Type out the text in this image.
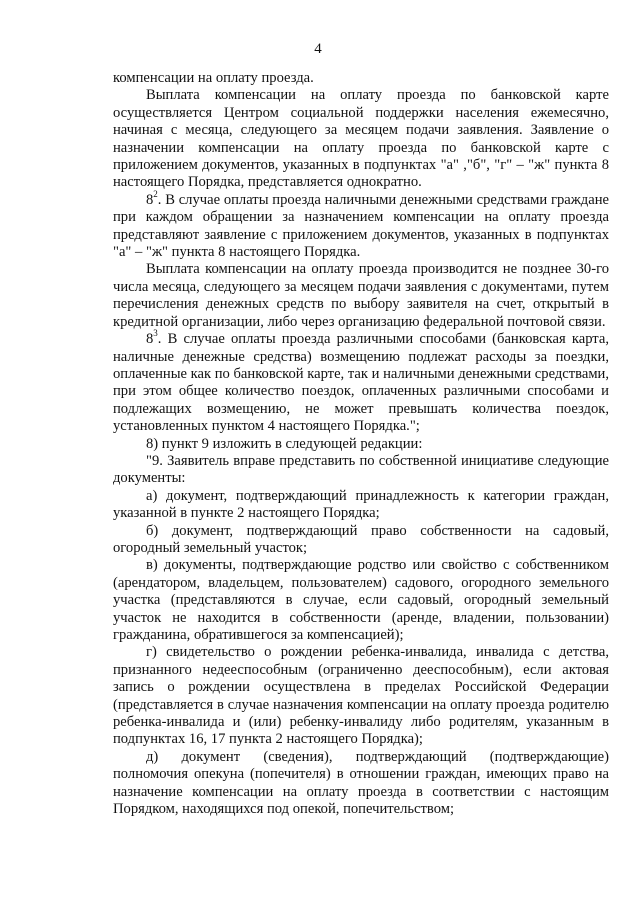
4

компенсации на оплату проезда.

Выплата компенсации на оплату проезда по банковской карте осуществляется Центром социальной поддержки населения ежемесячно, начиная с месяца, следующего за месяцем подачи заявления. Заявление о назначении компенсации на оплату проезда по банковской карте с приложением документов, указанных в подпунктах "а" ,"б", "г" – "ж" пункта 8 настоящего Порядка, представляется однократно.

$8^2$. В случае оплаты проезда наличными денежными средствами граждане при каждом обращении за назначением компенсации на оплату проезда представляют заявление с приложением документов, указанных в подпунктах "а" – "ж" пункта 8 настоящего Порядка.

Выплата компенсации на оплату проезда производится не позднее 30-го числа месяца, следующего за месяцем подачи заявления с документами, путем перечисления денежных средств по выбору заявителя на счет, открытый в кредитной организации, либо через организацию федеральной почтовой связи.

$8^3$. В случае оплаты проезда различными способами (банковская карта, наличные денежные средства) возмещению подлежат расходы за поездки, оплаченные как по банковской карте, так и наличными денежными средствами, при этом общее количество поездок, оплаченных различными способами и подлежащих возмещению, не может превышать количества поездок, установленных пунктом 4 настоящего Порядка.";

8) пункт 9 изложить в следующей редакции:

"9. Заявитель вправе представить по собственной инициативе следующие документы:

а) документ, подтверждающий принадлежность к категории граждан, указанной в пункте 2 настоящего Порядка;

б) документ, подтверждающий право собственности на садовый, огородный земельный участок;

в) документы, подтверждающие родство или свойство с собственником (арендатором, владельцем, пользователем) садового, огородного земельного участка (представляются в случае, если садовый, огородный земельный участок не находится в собственности (аренде, владении, пользовании) гражданина, обратившегося за компенсацией);

г) свидетельство о рождении ребенка-инвалида, инвалида с детства, признанного недееспособным (ограниченно дееспособным), если актовая запись о рождении осуществлена в пределах Российской Федерации (представляется в случае назначения компенсации на оплату проезда родителю ребенка-инвалида и (или) ребенку-инвалиду либо родителям, указанным в подпунктах 16, 17 пункта 2 настоящего Порядка);

д) документ (сведения), подтверждающий (подтверждающие) полномочия опекуна (попечителя) в отношении граждан, имеющих право на назначение компенсации на оплату проезда в соответствии с настоящим Порядком, находящихся под опекой, попечительством;
